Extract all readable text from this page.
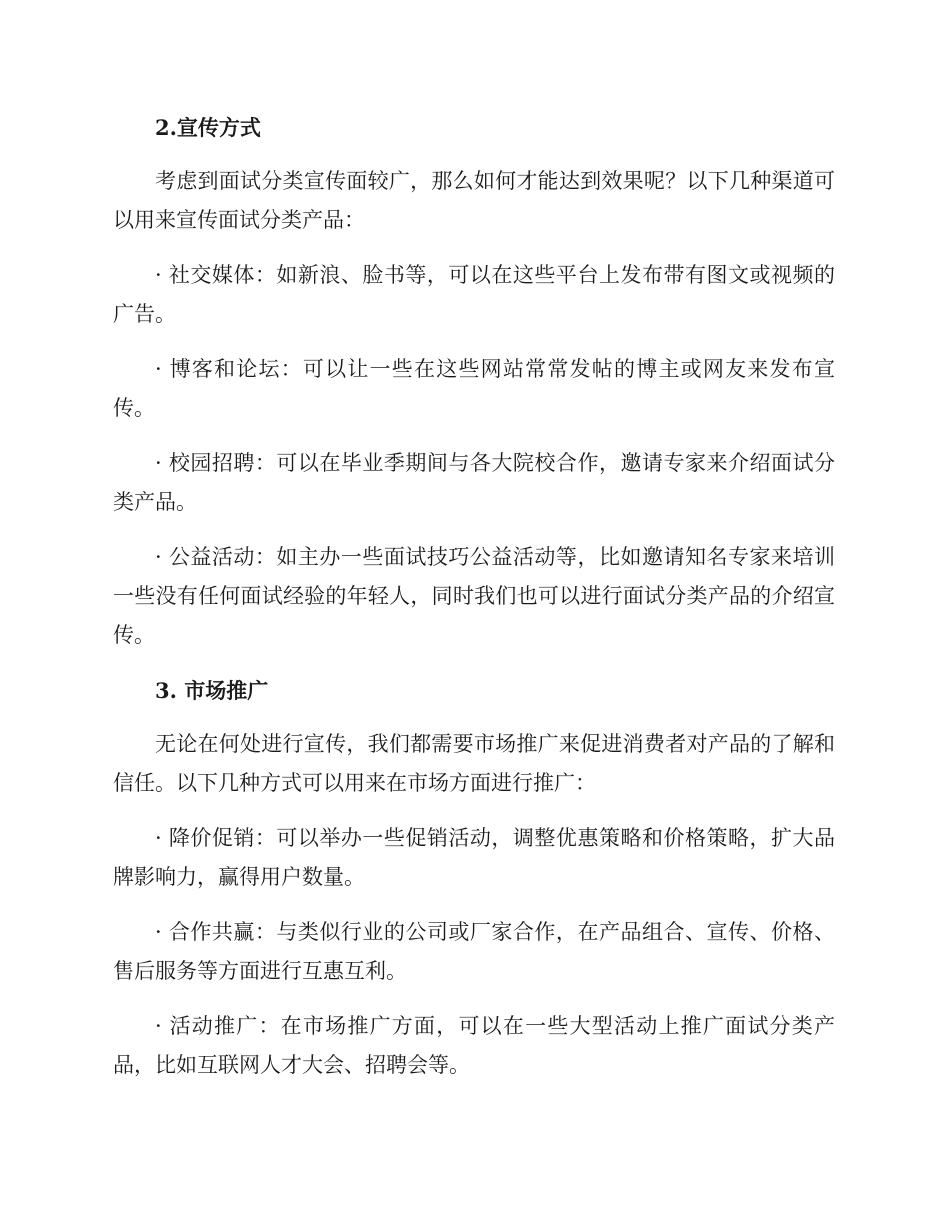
2.宣传方式

考虑到面试分类宣传面较广，那么如何才能达到效果呢？以下几种渠道可以用来宣传面试分类产品：

· 社交媒体：如新浪、脸书等，可以在这些平台上发布带有图文或视频的广告。

· 博客和论坛：可以让一些在这些网站常常发帖的博主或网友来发布宣传。

· 校园招聘：可以在毕业季期间与各大院校合作，邀请专家来介绍面试分类产品。

· 公益活动：如主办一些面试技巧公益活动等，比如邀请知名专家来培训一些没有任何面试经验的年轻人，同时我们也可以进行面试分类产品的介绍宣传。

3. 市场推广

无论在何处进行宣传，我们都需要市场推广来促进消费者对产品的了解和信任。以下几种方式可以用来在市场方面进行推广：

· 降价促销：可以举办一些促销活动，调整优惠策略和价格策略，扩大品牌影响力，赢得用户数量。

· 合作共赢：与类似行业的公司或厂家合作，在产品组合、宣传、价格、售后服务等方面进行互惠互利。

· 活动推广：在市场推广方面，可以在一些大型活动上推广面试分类产品，比如互联网人才大会、招聘会等。
